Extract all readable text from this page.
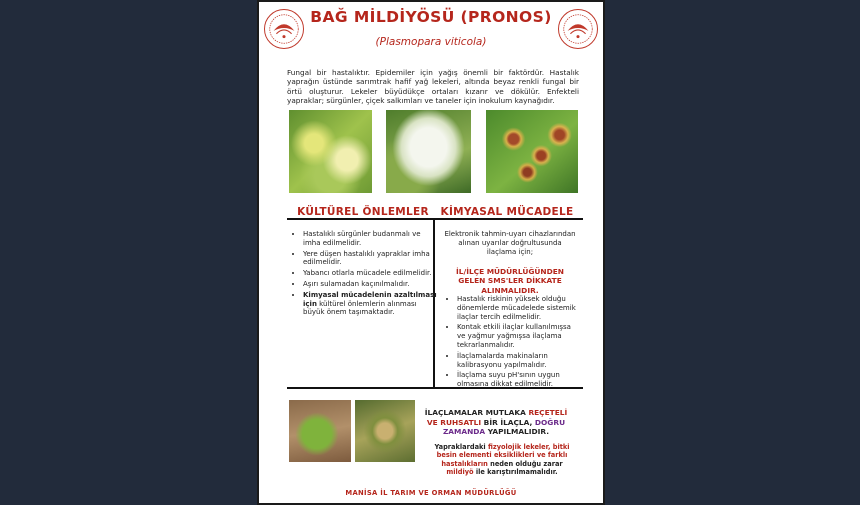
BAĞ MİLDİYÖSÜ (PRONOS)
(Plasmopara viticola)
Fungal bir hastalıktır. Epidemiler için yağış önemli bir faktördür. Hastalık yaprağın üstünde sarımtrak hafif yağ lekeleri, altında beyaz renkli fungal bir örtü oluşturur. Lekeler büyüdükçe ortaları kızarır ve dökülür. Enfekteli yapraklar; sürgünler, çiçek salkımları ve taneler için inokulum kaynağıdır.
KÜLTÜREL ÖNLEMLER	KİMYASAL MÜCADELE
• Hastalıklı sürgünler budanmalı ve imha edilmelidir.
• Yere düşen hastalıklı yapraklar imha edilmelidir.
• Yabancı otlarla mücadele edilmelidir.
• Aşırı sulamadan kaçınılmalıdır.
• Kimyasal mücadelenin azaltılması için kültürel önlemlerin alınması büyük önem taşımaktadır.
Elektronik tahmin-uyarı cihazlarından alınan uyarılar doğrultusunda ilaçlama için;
İL/İLÇE MÜDÜRLÜĞÜNDEN GELEN SMS'LER DİKKATE ALINMALIDIR.
• Hastalık riskinin yüksek olduğu dönemlerde mücadelede sistemik ilaçlar tercih edilmelidir.
• Kontak etkili ilaçlar kullanılmışsa ve yağmur yağmışsa ilaçlama tekrarlanmalıdır.
• İlaçlamalarda makinaların kalibrasyonu yapılmalıdır.
• İlaçlama suyu pH'sının uygun olmasına dikkat edilmelidir.
İLAÇLAMALAR MUTLAKA REÇETELİ VE RUHSATLI BİR İLAÇLA, DOĞRU ZAMANDA YAPILMALIDIR.
Yapraklardaki fizyolojik lekeler, bitki besin elementi eksiklikleri ve farklı hastalıkların neden olduğu zarar mildiyö ile karıştırılmamalıdır.
MANİSA İL TARIM VE ORMAN MÜDÜRLÜĞÜ
